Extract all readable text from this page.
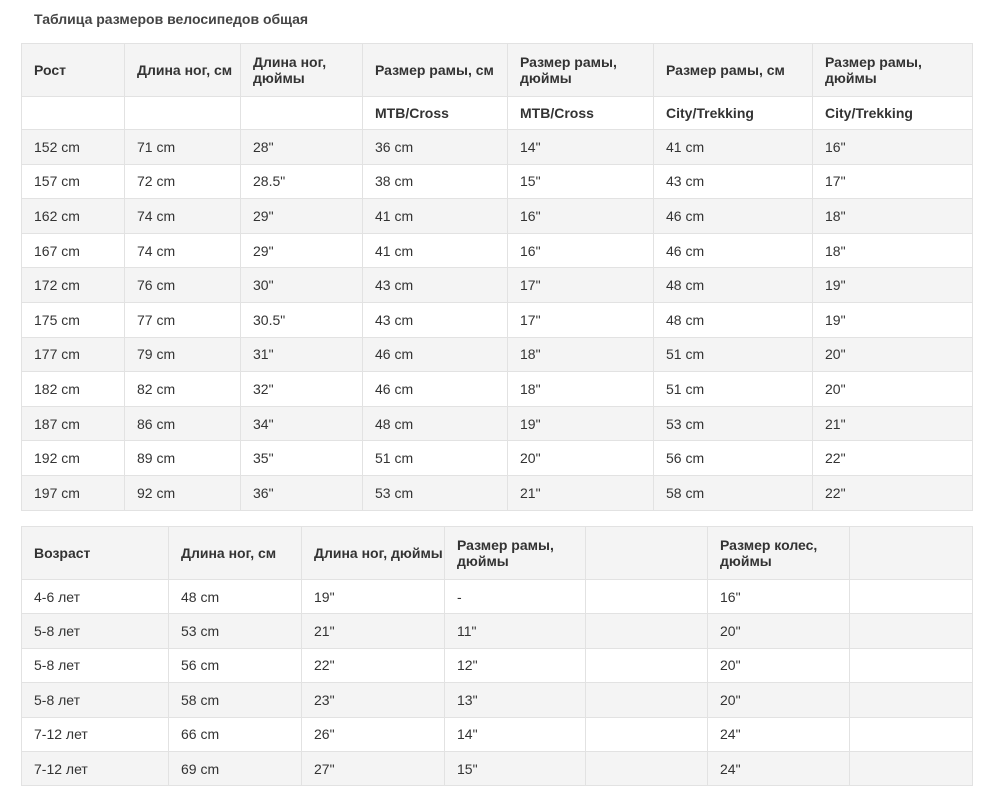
Таблица размеров велосипедов общая
Рост	Длина ног, см	Длина ног, дюймы	Размер рамы, см	Размер рамы, дюймы	Размер рамы, см	Размер рамы, дюймы
			MTB/Cross	MTB/Cross	City/Trekking	City/Trekking
152 cm	71 cm	28"	36 cm	14"	41 cm	16"
157 cm	72 cm	28.5"	38 cm	15"	43 cm	17"
162 cm	74 cm	29"	41 cm	16"	46 cm	18"
167 cm	74 cm	29"	41 cm	16"	46 cm	18"
172 cm	76 cm	30"	43 cm	17"	48 cm	19"
175 cm	77 cm	30.5"	43 cm	17"	48 cm	19"
177 cm	79 cm	31"	46 cm	18"	51 cm	20"
182 cm	82 cm	32"	46 cm	18"	51 cm	20"
187 cm	86 cm	34"	48 cm	19"	53 cm	21"
192 cm	89 cm	35"	51 cm	20"	56 cm	22"
197 cm	92 cm	36"	53 cm	21"	58 cm	22"
Возраст	Длина ног, см	Длина ног, дюймы	Размер рамы, дюймы		Размер колес, дюймы	
4-6 лет	48 cm	19"	-		16"	
5-8 лет	53 cm	21"	11"		20"	
5-8 лет	56 cm	22"	12"		20"	
5-8 лет	58 cm	23"	13"		20"	
7-12 лет	66 cm	26"	14"		24"	
7-12 лет	69 cm	27"	15"		24"	
